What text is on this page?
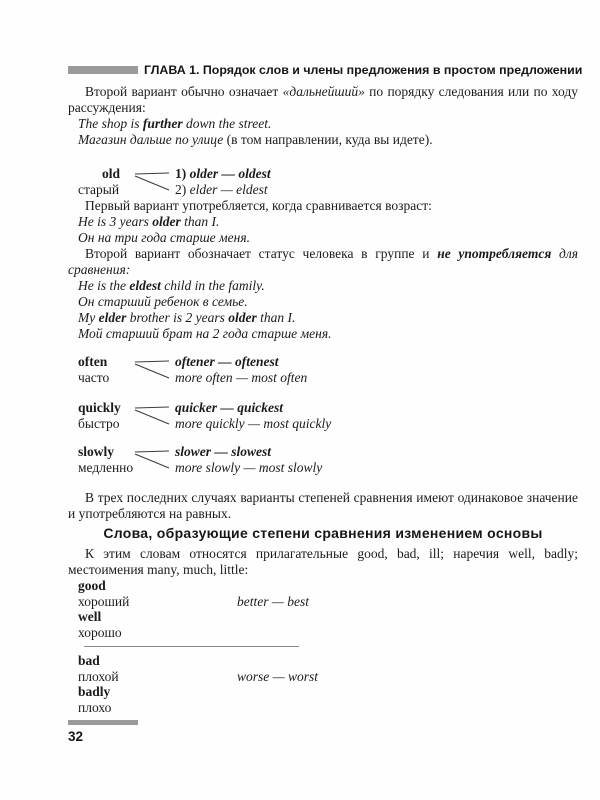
ГЛАВА 1. Порядок слов и члены предложения в простом предложении

Второй вариант обычно означает «дальнейший» по порядку следования или по ходу рассуждения:

The shop is further down the street.

Магазин дальше по улице (в том направлении, куда вы идете).

old
старый
1) older — oldest
2) elder — eldest

Первый вариант употребляется, когда сравнивается возраст:

He is 3 years older than I.

Он на три года старше меня.

Второй вариант обозначает статус человека в группе и не употребляется для сравнения:

He is the eldest child in the family.

Он старший ребенок в семье.

My elder brother is 2 years older than I.

Мой старший брат на 2 года старше меня.

often
часто
oftener — oftenest
more often — most often
quickly
быстро
quicker — quickest
more quickly — most quickly
slowly
медленно
slower — slowest
more slowly — most slowly

В трех последних случаях варианты степеней сравнения имеют одинаковое значение и употребляются на равных.

Слова, образующие степени сравнения изменением основы

К этим словам относятся прилагательные good, bad, ill; наречия well, badly; местоимения many, much, little:

good
хороший	better — best
well
хорошо
bad
плохой	worse — worst
badly
плохо
32
